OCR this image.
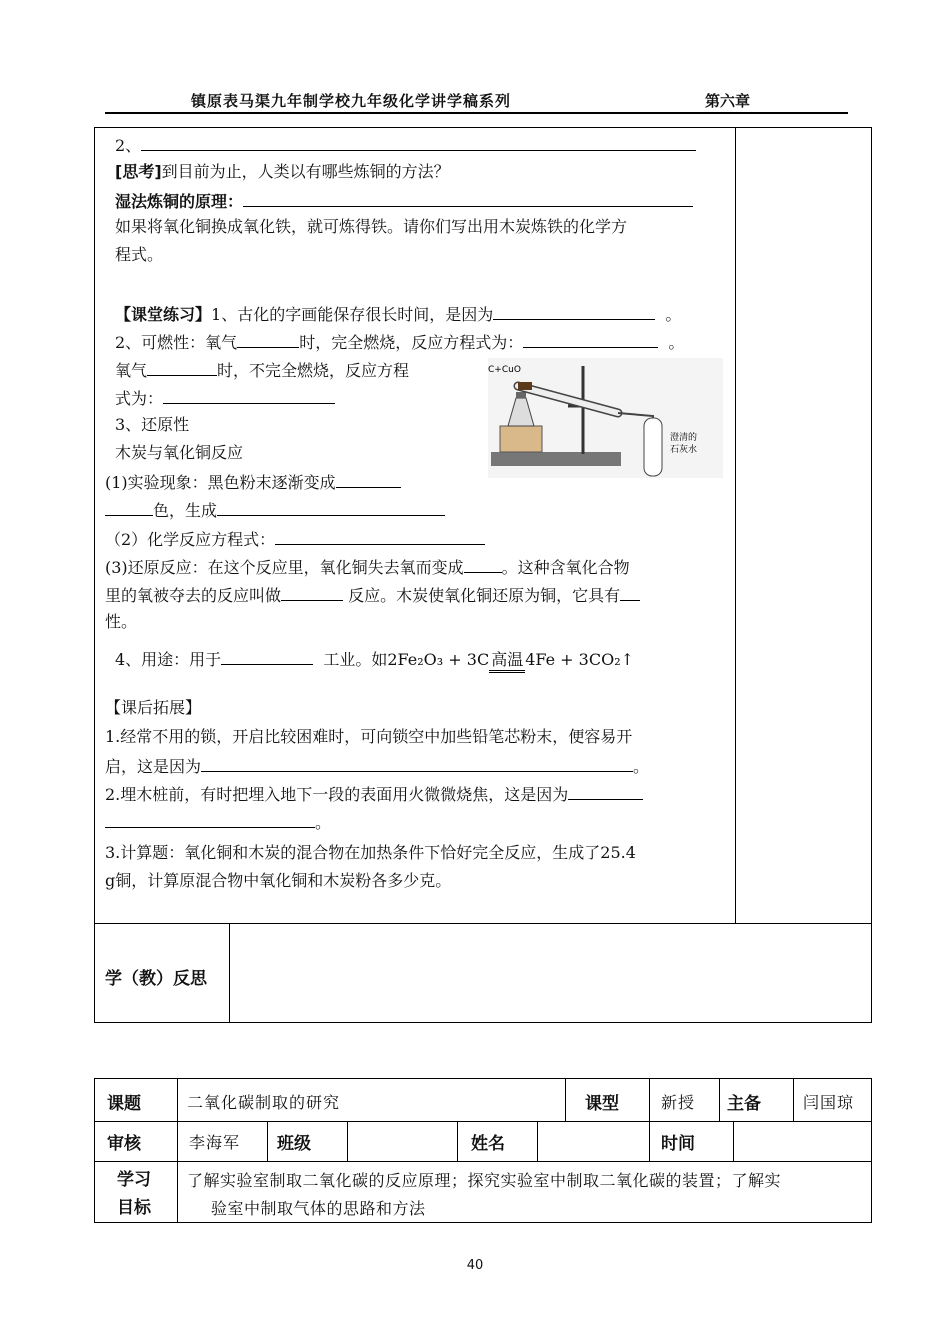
镇原表马渠九年制学校九年级化学讲学稿系列	第六章
2、
[思考]到目前为止，人类以有哪些炼铜的方法？
湿法炼铜的原理：
如果将氧化铜换成氧化铁，就可炼得铁。请你们写出用木炭炼铁的化学方
程式。
【课堂练习】1、古化的字画能保存很长时间，是因为	。
2、可燃性：氧气	时，完全燃烧，反应方程式为：	。
氧气	时，不完全燃烧，反应方程
式为：
3、还原性
木炭与氧化铜反应
(1)实验现象：黑色粉末逐渐变成
色，生成
（2）化学反应方程式：
(3)还原反应：在这个反应里，氧化铜失去氧而变成 。这种含氧化合物
里的氧被夺去的反应叫做	反应。木炭使氧化铜还原为铜，它具有
性。
4、用途：用于	工业。如2Fe₂O₃ + 3C 高温 4Fe + 3CO₂↑
【课后拓展】
1.经常不用的锁，开启比较困难时，可向锁空中加些铅笔芯粉末，便容易开
启，这是因为	。
2.埋木桩前，有时把埋入地下一段的表面用火微微烧焦，这是因为
。
3.计算题：氧化铜和木炭的混合物在加热条件下恰好完全反应，生成了25.4
g铜，计算原混合物中氧化铜和木炭粉各多少克。
C+CuO
澄清的
石灰水
学（教）反思
课题	二氧化碳制取的研究	课型	新授 主备	闫国琼
审核	李海军 班级	姓名	时间
学习
目标
了解实验室制取二氧化碳的反应原理；探究实验室中制取二氧化碳的装置；了解实
验室中制取气体的思路和方法
40
